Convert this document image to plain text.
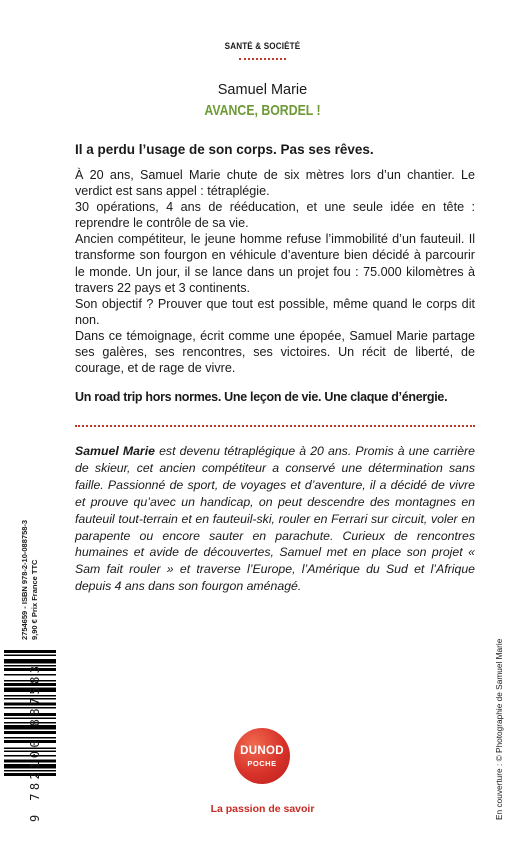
SANTÉ & SOCIÉTÉ
Samuel Marie
AVANCE, BORDEL !

Il a perdu l’usage de son corps. Pas ses rêves.

À 20 ans, Samuel Marie chute de six mètres lors d’un chantier. Le verdict est sans appel : tétraplégie.

30 opérations, 4 ans de rééducation, et une seule idée en tête : reprendre le contrôle de sa vie.

Ancien compétiteur, le jeune homme refuse l’immobilité d’un fauteuil. Il transforme son fourgon en véhicule d’aventure bien décidé à parcourir le monde. Un jour, il se lance dans un projet fou : 75.000 kilomètres à travers 22 pays et 3 continents.

Son objectif ? Prouver que tout est possible, même quand le corps dit non.

Dans ce témoignage, écrit comme une épopée, Samuel Marie partage ses galères, ses rencontres, ses victoires. Un récit de liberté, de courage, et de rage de vivre.

Un road trip hors normes. Une leçon de vie. Une claque d’énergie.

Samuel Marie est devenu tétraplégique à 20 ans. Promis à une carrière de skieur, cet ancien compétiteur a conservé une détermination sans faille. Passionné de sport, de voyages et d’aventure, il a décidé de vivre et prouve qu’avec un handicap, on peut descendre des montagnes en fauteuil tout-terrain et en fauteuil-ski, rouler en Ferrari sur circuit, voler en parapente ou encore sauter en parachute. Curieux de rencontres humaines et avide de découvertes, Samuel met en place son projet « Sam fait rouler » et traverse l’Europe, l’Amérique du Sud et l’Afrique depuis 4 ans dans son fourgon aménagé.
2754659 - ISBN 978-2-10-088758-3 9,90 € Prix France TTC
9 782100 887583	En couverture : © Photographie de Samuel Marie
DUNOD
POCHE
La passion de savoir
